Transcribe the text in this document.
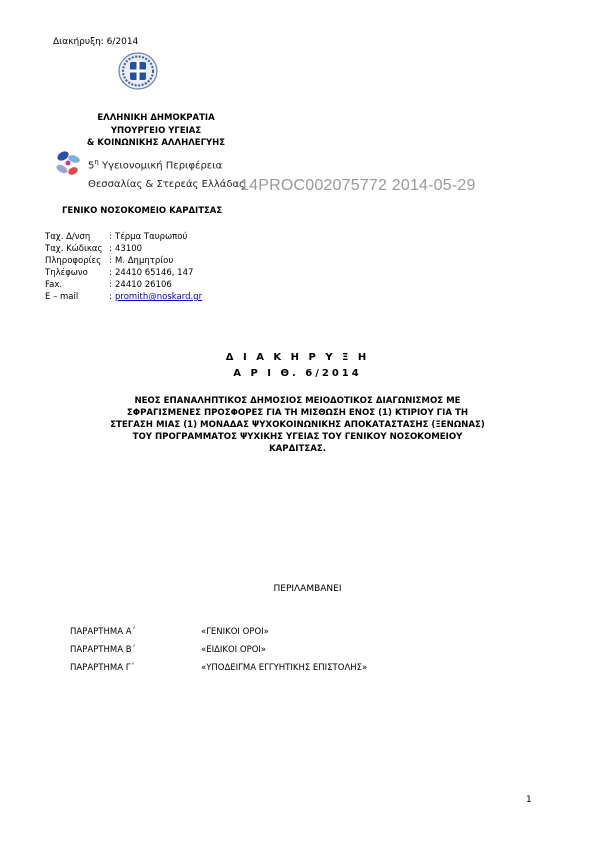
Διακήρυξη: 6/2014
ΕΛΛΗΝΙΚΗ ΔΗΜΟΚΡΑΤΙΑ
ΥΠΟΥΡΓΕΙΟ ΥΓΕΙΑΣ
& ΚΟΙΝΩΝΙΚΗΣ ΑΛΛΗΛΕΓΥΗΣ
$5^\eta$ Υγειονομική Περιφέρεια
Θεσσαλίας & Στερεάς Ελλάδας
14PROC002075772 2014-05-29
ΓΕΝΙΚΟ ΝΟΣΟΚΟΜΕΙΟ ΚΑΡΔΙΤΣΑΣ
Ταχ. Δ/νση	: Τέρμα Ταυρωπού
Ταχ. Κώδικας : 43100
Πληροφορίες : Μ. Δημητρίου
Τηλέφωνο	: 24410 65146, 147
Fax.	: 24410 26106
E – mail	: promith@noskard.gr
Δ Ι Α Κ Η Ρ Υ Ξ Η
Α Ρ Ι Θ. 6/2014
ΝΕΟΣ ΕΠΑΝΑΛΗΠΤΙΚΟΣ ΔΗΜΟΣΙΟΣ ΜΕΙΟΔΟΤΙΚΟΣ ΔΙΑΓΩΝΙΣΜΟΣ ΜΕ
ΣΦΡΑΓΙΣΜΕΝΕΣ ΠΡΟΣΦΟΡΕΣ ΓΙΑ ΤΗ ΜΙΣΘΩΣΗ ΕΝΟΣ (1) ΚΤΙΡΙΟΥ ΓΙΑ ΤΗ
ΣΤΕΓΑΣΗ ΜΙΑΣ (1) ΜΟΝΑΔΑΣ ΨΥΧΟΚΟΙΝΩΝΙΚΗΣ ΑΠΟΚΑΤΑΣΤΑΣΗΣ (ΞΕΝΩΝΑΣ)
ΤΟΥ ΠΡΟΓΡΑΜΜΑΤΟΣ ΨΥΧΙΚΗΣ ΥΓΕΙΑΣ ΤΟΥ ΓΕΝΙΚΟΥ ΝΟΣΟΚΟΜΕΙΟΥ
ΚΑΡΔΙΤΣΑΣ.
ΠΕΡΙΛΑΜΒΑΝΕΙ
ΠΑΡΑΡΤΗΜΑ Α΄	«ΓΕΝΙΚΟΙ ΟΡΟΙ»
ΠΑΡΑΡΤΗΜΑ Β΄	«ΕΙΔΙΚΟΙ ΟΡΟΙ»
ΠΑΡΑΡΤΗΜΑ Γ΄	«ΥΠΟΔΕΙΓΜΑ ΕΓΓΥΗΤΙΚΗΣ ΕΠΙΣΤΟΛΗΣ»
1
